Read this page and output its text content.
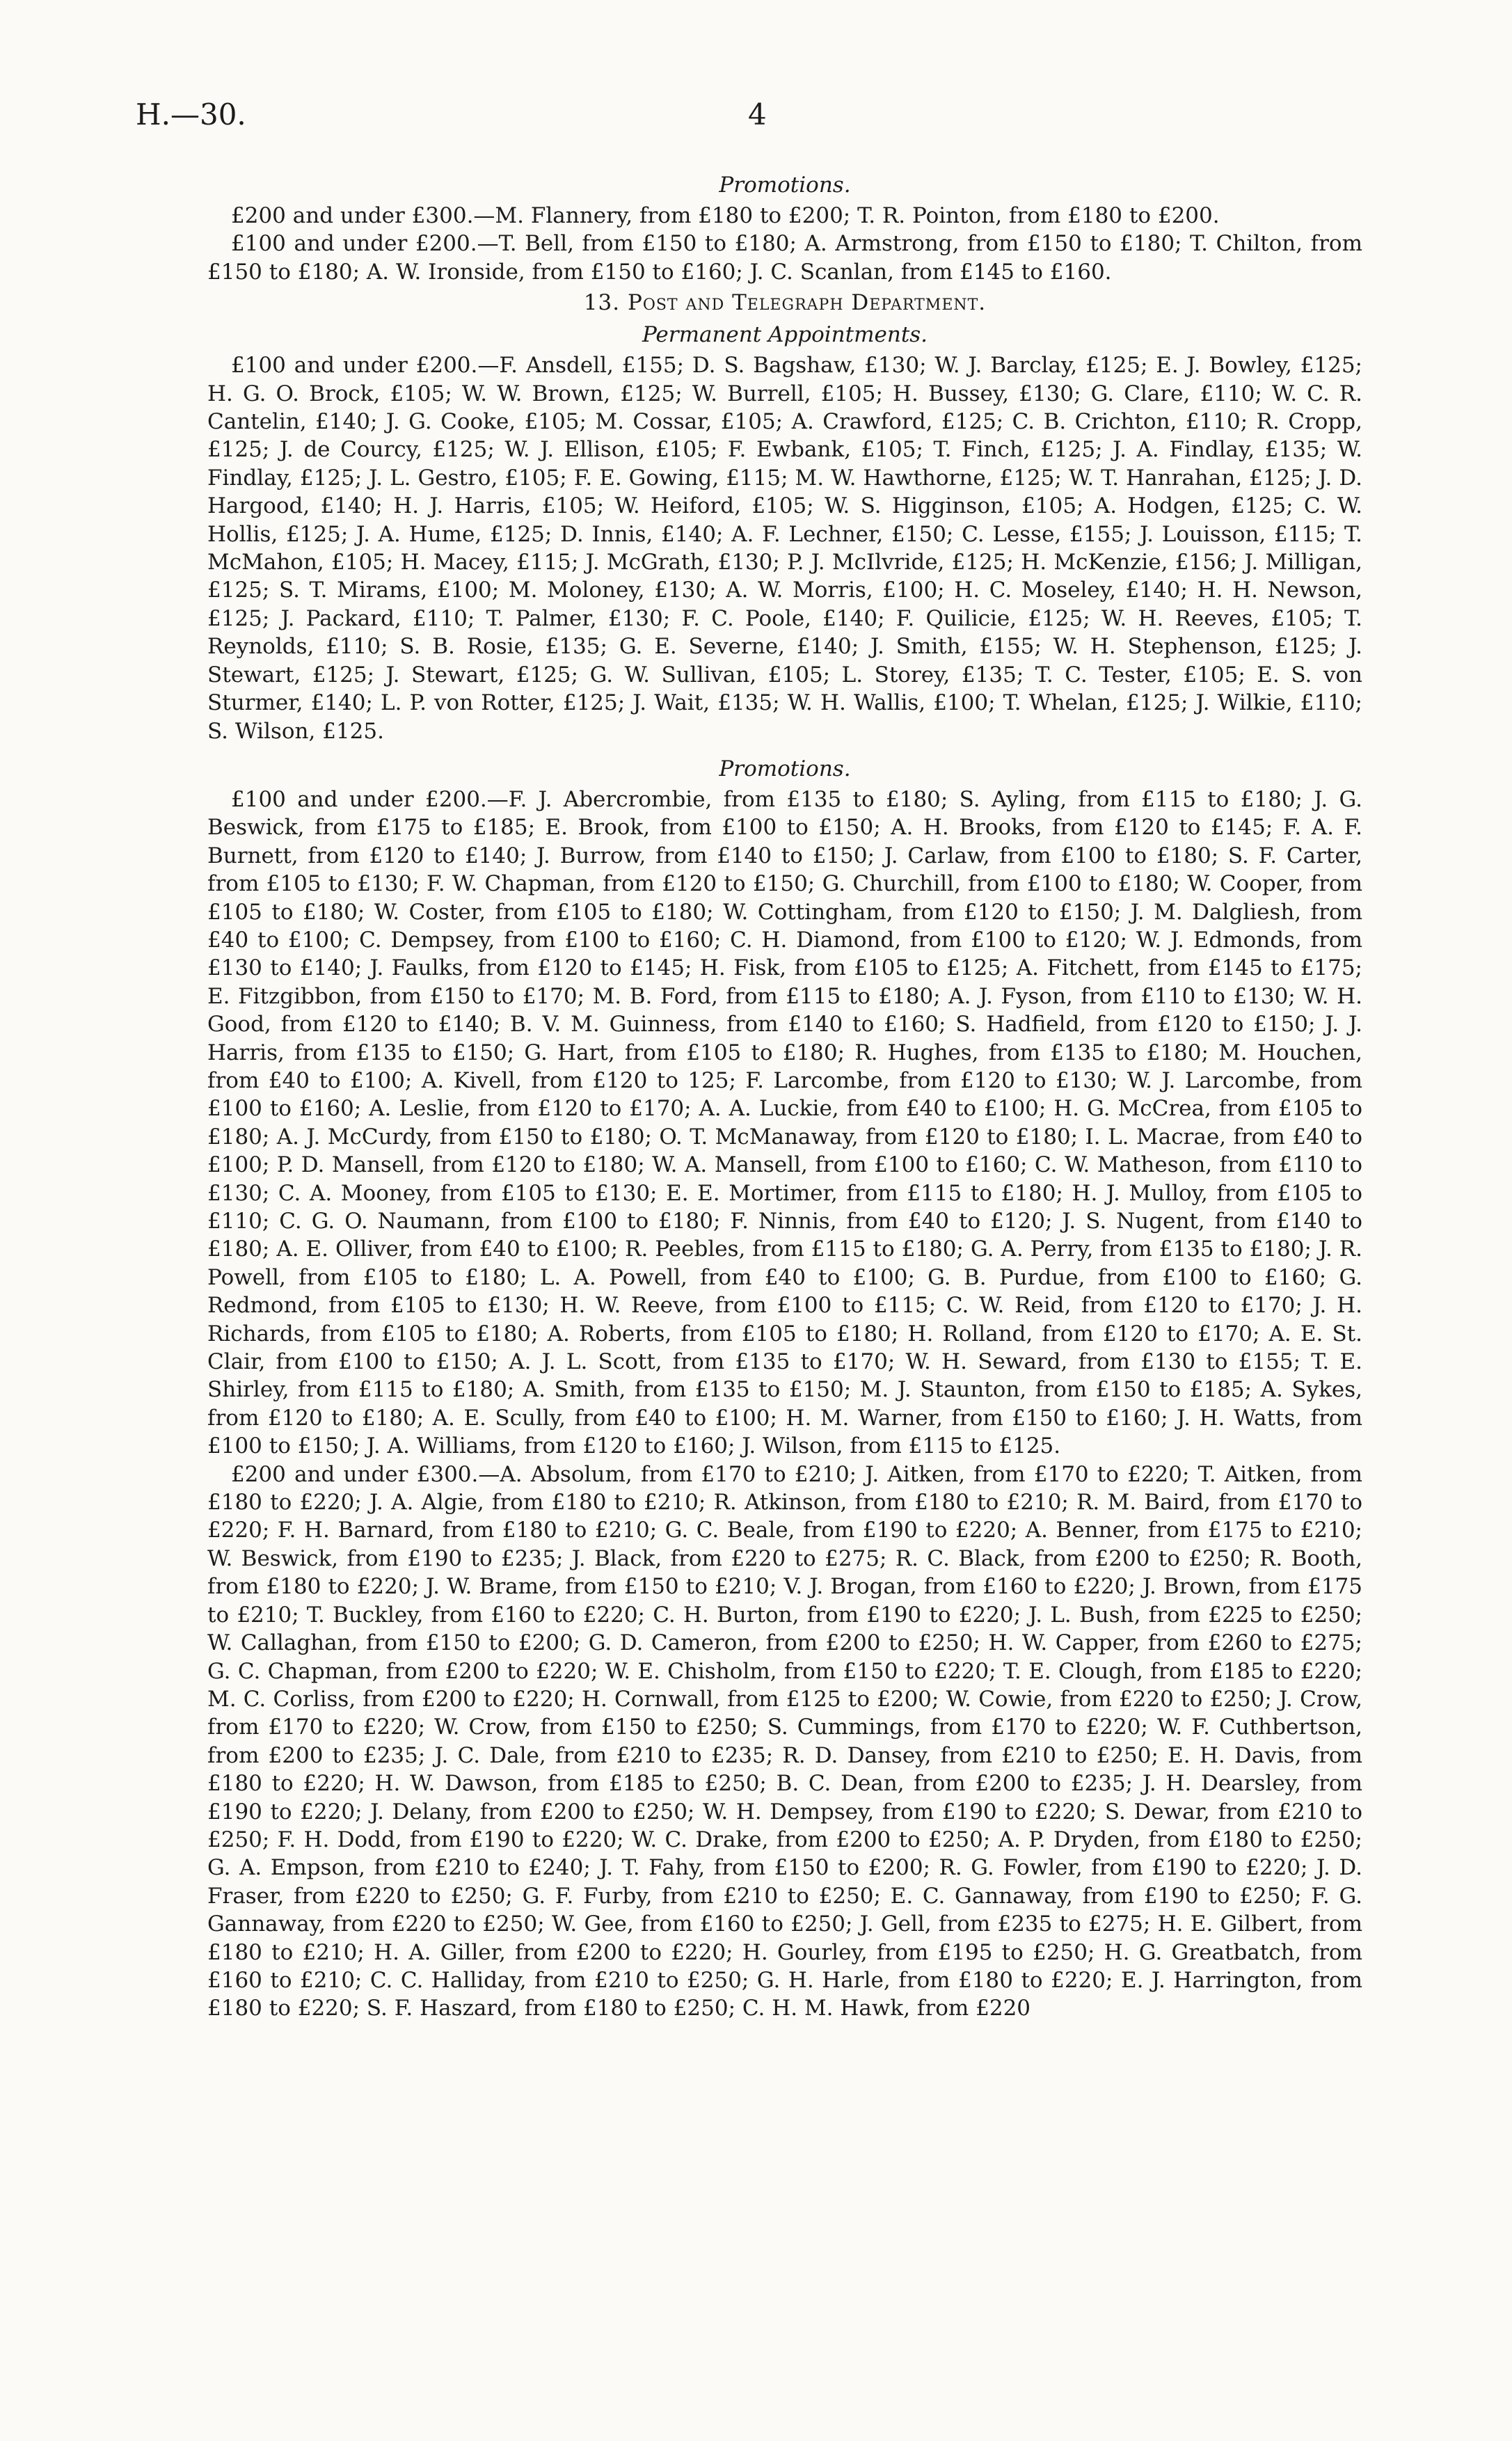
H.—30.	4
Promotions.

£200 and under £300.—M. Flannery, from £180 to £200; T. R. Pointon, from £180 to £200.

£100 and under £200.—T. Bell, from £150 to £180; A. Armstrong, from £150 to £180; T. Chilton, from £150 to £180; A. W. Ironside, from £150 to £160; J. C. Scanlan, from £145 to £160.

13. Post and Telegraph Department.
Permanent Appointments.

£100 and under £200.—F. Ansdell, £155; D. S. Bagshaw, £130; W. J. Barclay, £125; E. J. Bowley, £125; H. G. O. Brock, £105; W. W. Brown, £125; W. Burrell, £105; H. Bussey, £130; G. Clare, £110; W. C. R. Cantelin, £140; J. G. Cooke, £105; M. Cossar, £105; A. Crawford, £125; C. B. Crichton, £110; R. Cropp, £125; J. de Courcy, £125; W. J. Ellison, £105; F. Ewbank, £105; T. Finch, £125; J. A. Findlay, £135; W. Findlay, £125; J. L. Gestro, £105; F. E. Gowing, £115; M. W. Hawthorne, £125; W. T. Hanrahan, £125; J. D. Hargood, £140; H. J. Harris, £105; W. Heiford, £105; W. S. Higginson, £105; A. Hodgen, £125; C. W. Hollis, £125; J. A. Hume, £125; D. Innis, £140; A. F. Lechner, £150; C. Lesse, £155; J. Louisson, £115; T. McMahon, £105; H. Macey, £115; J. McGrath, £130; P. J. McIlvride, £125; H. McKenzie, £156; J. Milligan, £125; S. T. Mirams, £100; M. Moloney, £130; A. W. Morris, £100; H. C. Moseley, £140; H. H. Newson, £125; J. Packard, £110; T. Palmer, £130; F. C. Poole, £140; F. Quilicie, £125; W. H. Reeves, £105; T. Reynolds, £110; S. B. Rosie, £135; G. E. Severne, £140; J. Smith, £155; W. H. Stephenson, £125; J. Stewart, £125; J. Stewart, £125; G. W. Sullivan, £105; L. Storey, £135; T. C. Tester, £105; E. S. von Sturmer, £140; L. P. von Rotter, £125; J. Wait, £135; W. H. Wallis, £100; T. Whelan, £125; J. Wilkie, £110; S. Wilson, £125.

Promotions.

£100 and under £200.—F. J. Abercrombie, from £135 to £180; S. Ayling, from £115 to £180; J. G. Beswick, from £175 to £185; E. Brook, from £100 to £150; A. H. Brooks, from £120 to £145; F. A. F. Burnett, from £120 to £140; J. Burrow, from £140 to £150; J. Carlaw, from £100 to £180; S. F. Carter, from £105 to £130; F. W. Chapman, from £120 to £150; G. Churchill, from £100 to £180; W. Cooper, from £105 to £180; W. Coster, from £105 to £180; W. Cottingham, from £120 to £150; J. M. Dalgliesh, from £40 to £100; C. Dempsey, from £100 to £160; C. H. Diamond, from £100 to £120; W. J. Edmonds, from £130 to £140; J. Faulks, from £120 to £145; H. Fisk, from £105 to £125; A. Fitchett, from £145 to £175; E. Fitzgibbon, from £150 to £170; M. B. Ford, from £115 to £180; A. J. Fyson, from £110 to £130; W. H. Good, from £120 to £140; B. V. M. Guinness, from £140 to £160; S. Hadfield, from £120 to £150; J. J. Harris, from £135 to £150; G. Hart, from £105 to £180; R. Hughes, from £135 to £180; M. Houchen, from £40 to £100; A. Kivell, from £120 to 125; F. Larcombe, from £120 to £130; W. J. Larcombe, from £100 to £160; A. Leslie, from £120 to £170; A. A. Luckie, from £40 to £100; H. G. McCrea, from £105 to £180; A. J. McCurdy, from £150 to £180; O. T. McManaway, from £120 to £180; I. L. Macrae, from £40 to £100; P. D. Mansell, from £120 to £180; W. A. Mansell, from £100 to £160; C. W. Matheson, from £110 to £130; C. A. Mooney, from £105 to £130; E. E. Mortimer, from £115 to £180; H. J. Mulloy, from £105 to £110; C. G. O. Naumann, from £100 to £180; F. Ninnis, from £40 to £120; J. S. Nugent, from £140 to £180; A. E. Olliver, from £40 to £100; R. Peebles, from £115 to £180; G. A. Perry, from £135 to £180; J. R. Powell, from £105 to £180; L. A. Powell, from £40 to £100; G. B. Purdue, from £100 to £160; G. Redmond, from £105 to £130; H. W. Reeve, from £100 to £115; C. W. Reid, from £120 to £170; J. H. Richards, from £105 to £180; A. Roberts, from £105 to £180; H. Rolland, from £120 to £170; A. E. St. Clair, from £100 to £150; A. J. L. Scott, from £135 to £170; W. H. Seward, from £130 to £155; T. E. Shirley, from £115 to £180; A. Smith, from £135 to £150; M. J. Staunton, from £150 to £185; A. Sykes, from £120 to £180; A. E. Scully, from £40 to £100; H. M. Warner, from £150 to £160; J. H. Watts, from £100 to £150; J. A. Williams, from £120 to £160; J. Wilson, from £115 to £125.

£200 and under £300.—A. Absolum, from £170 to £210; J. Aitken, from £170 to £220; T. Aitken, from £180 to £220; J. A. Algie, from £180 to £210; R. Atkinson, from £180 to £210; R. M. Baird, from £170 to £220; F. H. Barnard, from £180 to £210; G. C. Beale, from £190 to £220; A. Benner, from £175 to £210; W. Beswick, from £190 to £235; J. Black, from £220 to £275; R. C. Black, from £200 to £250; R. Booth, from £180 to £220; J. W. Brame, from £150 to £210; V. J. Brogan, from £160 to £220; J. Brown, from £175 to £210; T. Buckley, from £160 to £220; C. H. Burton, from £190 to £220; J. L. Bush, from £225 to £250; W. Callaghan, from £150 to £200; G. D. Cameron, from £200 to £250; H. W. Capper, from £260 to £275; G. C. Chapman, from £200 to £220; W. E. Chisholm, from £150 to £220; T. E. Clough, from £185 to £220; M. C. Corliss, from £200 to £220; H. Cornwall, from £125 to £200; W. Cowie, from £220 to £250; J. Crow, from £170 to £220; W. Crow, from £150 to £250; S. Cummings, from £170 to £220; W. F. Cuthbertson, from £200 to £235; J. C. Dale, from £210 to £235; R. D. Dansey, from £210 to £250; E. H. Davis, from £180 to £220; H. W. Dawson, from £185 to £250; B. C. Dean, from £200 to £235; J. H. Dearsley, from £190 to £220; J. Delany, from £200 to £250; W. H. Dempsey, from £190 to £220; S. Dewar, from £210 to £250; F. H. Dodd, from £190 to £220; W. C. Drake, from £200 to £250; A. P. Dryden, from £180 to £250; G. A. Empson, from £210 to £240; J. T. Fahy, from £150 to £200; R. G. Fowler, from £190 to £220; J. D. Fraser, from £220 to £250; G. F. Furby, from £210 to £250; E. C. Gannaway, from £190 to £250; F. G. Gannaway, from £220 to £250; W. Gee, from £160 to £250; J. Gell, from £235 to £275; H. E. Gilbert, from £180 to £210; H. A. Giller, from £200 to £220; H. Gourley, from £195 to £250; H. G. Greatbatch, from £160 to £210; C. C. Halliday, from £210 to £250; G. H. Harle, from £180 to £220; E. J. Harrington, from £180 to £220; S. F. Haszard, from £180 to £250; C. H. M. Hawk, from £220
